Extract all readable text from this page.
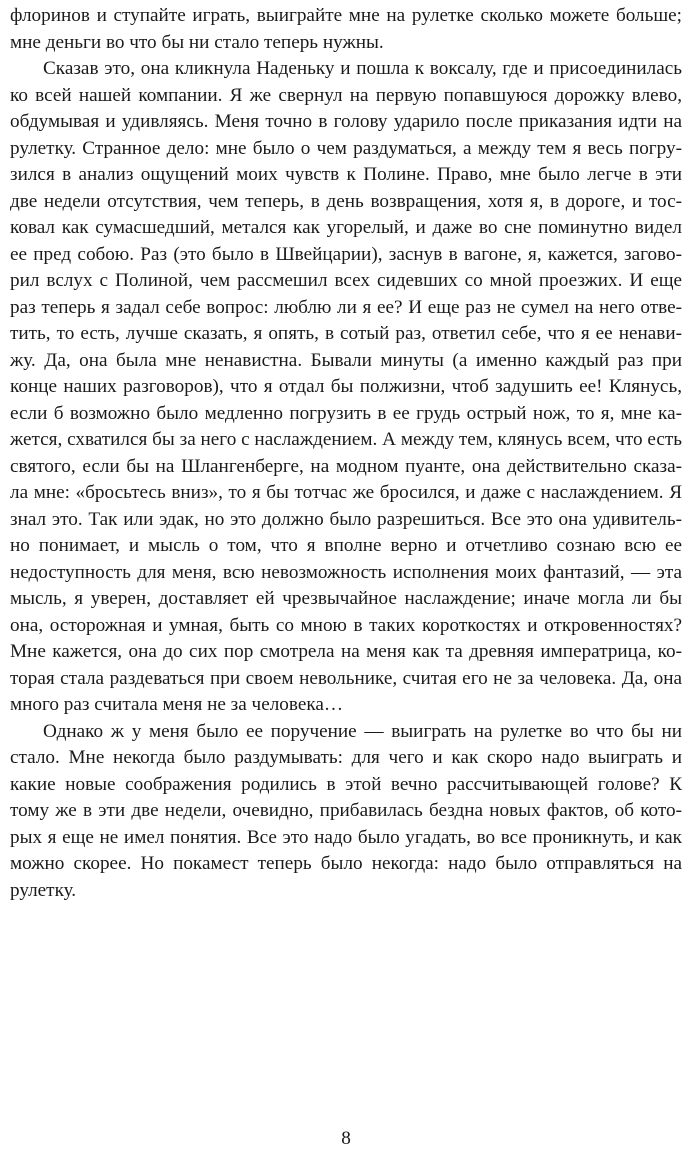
флоринов и ступайте играть, выиграйте мне на рулетке сколько можете больше;
мне деньги во что бы ни стало теперь нужны.
Сказав это, она кликнула Наденьку и пошла к воксалу, где и присоединилась
ко всей нашей компании. Я же свернул на первую попавшуюся дорожку влево,
обдумывая и удивляясь. Меня точно в голову ударило после приказания идти на
рулетку. Странное дело: мне было о чем раздуматься, а между тем я весь погру-
зился в анализ ощущений моих чувств к Полине. Право, мне было легче в эти
две недели отсутствия, чем теперь, в день возвращения, хотя я, в дороге, и тос-
ковал как сумасшедший, метался как угорелый, и даже во сне поминутно видел
ее пред собою. Раз (это было в Швейцарии), заснув в вагоне, я, кажется, загово-
рил вслух с Полиной, чем рассмешил всех сидевших со мной проезжих. И еще
раз теперь я задал себе вопрос: люблю ли я ее? И еще раз не сумел на него отве-
тить, то есть, лучше сказать, я опять, в сотый раз, ответил себе, что я ее ненави-
жу. Да, она была мне ненавистна. Бывали минуты (а именно каждый раз при
конце наших разговоров), что я отдал бы полжизни, чтоб задушить ее! Клянусь,
если б возможно было медленно погрузить в ее грудь острый нож, то я, мне ка-
жется, схватился бы за него с наслаждением. А между тем, клянусь всем, что есть
святого, если бы на Шлангенберге, на модном пуанте, она действительно сказа-
ла мне: «бросьтесь вниз», то я бы тотчас же бросился, и даже с наслаждением. Я
знал это. Так или эдак, но это должно было разрешиться. Все это она удивитель-
но понимает, и мысль о том, что я вполне верно и отчетливо сознаю всю ее
недоступность для меня, всю невозможность исполнения моих фантазий, — эта
мысль, я уверен, доставляет ей чрезвычайное наслаждение; иначе могла ли бы
она, осторожная и умная, быть со мною в таких короткостях и откровенностях?
Мне кажется, она до сих пор смотрела на меня как та древняя императрица, ко-
торая стала раздеваться при своем невольнике, считая его не за человека. Да, она
много раз считала меня не за человека…
Однако ж у меня было ее поручение — выиграть на рулетке во что бы ни
стало. Мне некогда было раздумывать: для чего и как скоро надо выиграть и
какие новые соображения родились в этой вечно рассчитывающей голове? К
тому же в эти две недели, очевидно, прибавилась бездна новых фактов, об кото-
рых я еще не имел понятия. Все это надо было угадать, во все проникнуть, и как
можно скорее. Но покамест теперь было некогда: надо было отправляться на
рулетку.
8
